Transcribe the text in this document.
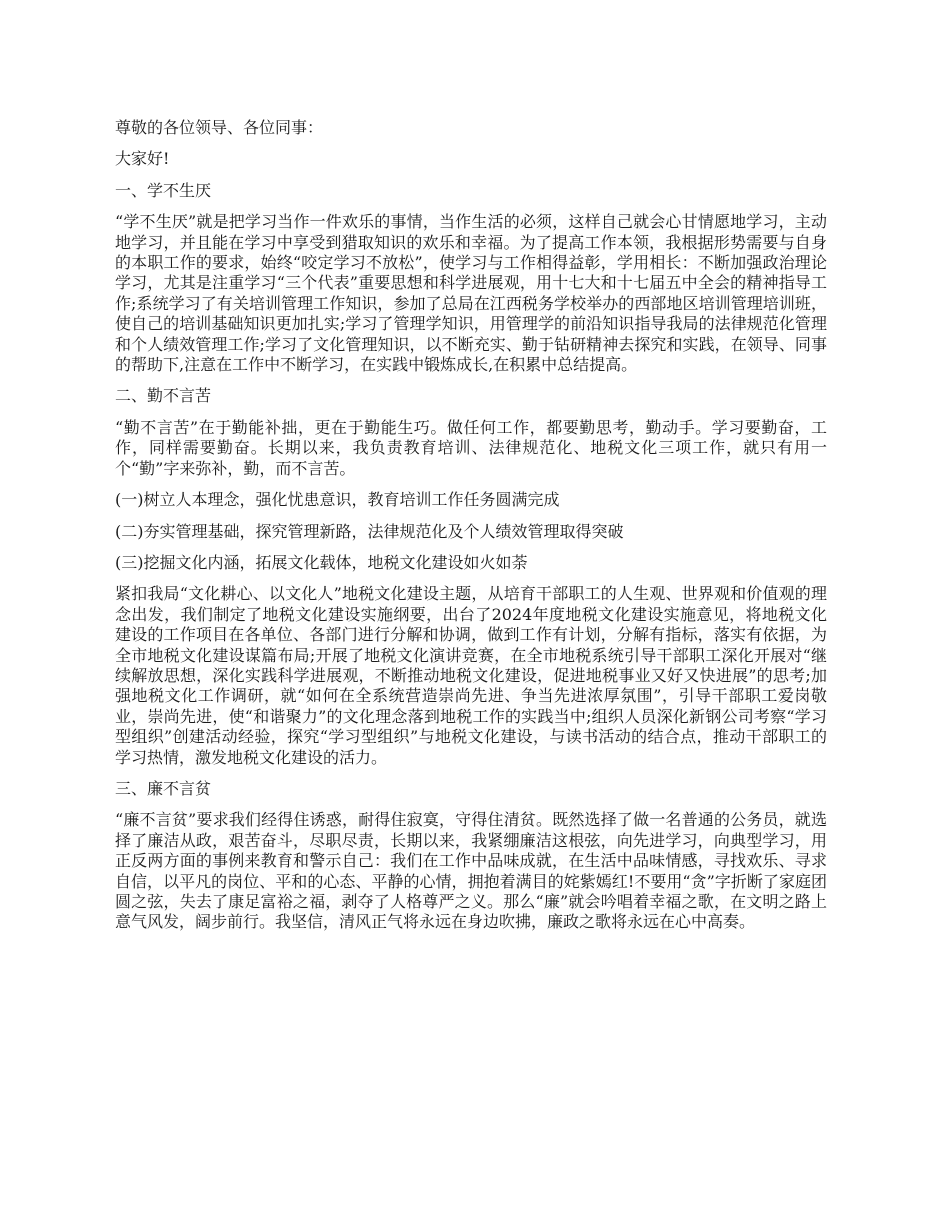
尊敬的各位领导、各位同事：

大家好!

一、学不生厌

“学不生厌”就是把学习当作一件欢乐的事情，当作生活的必须，这样自己就会心甘情愿地学习，主动地学习，并且能在学习中享受到猎取知识的欢乐和幸福。为了提高工作本领，我根据形势需要与自身的本职工作的要求，始终“咬定学习不放松”，使学习与工作相得益彰，学用相长：不断加强政治理论学习，尤其是注重学习“三个代表”重要思想和科学进展观，用十七大和十七届五中全会的精神指导工作;系统学习了有关培训管理工作知识，参加了总局在江西税务学校举办的西部地区培训管理培训班，使自己的培训基础知识更加扎实;学习了管理学知识，用管理学的前沿知识指导我局的法律规范化管理和个人绩效管理工作;学习了文化管理知识，以不断充实、勤于钻研精神去探究和实践，在领导、同事的帮助下,注意在工作中不断学习，在实践中锻炼成长,在积累中总结提高。

二、勤不言苦

“勤不言苦”在于勤能补拙，更在于勤能生巧。做任何工作，都要勤思考，勤动手。学习要勤奋，工作，同样需要勤奋。长期以来，我负责教育培训、法律规范化、地税文化三项工作，就只有用一个“勤”字来弥补，勤，而不言苦。

(一)树立人本理念，强化忧患意识，教育培训工作任务圆满完成

(二)夯实管理基础，探究管理新路，法律规范化及个人绩效管理取得突破

(三)挖掘文化内涵，拓展文化载体，地税文化建设如火如荼

紧扣我局“文化耕心、以文化人”地税文化建设主题，从培育干部职工的人生观、世界观和价值观的理念出发，我们制定了地税文化建设实施纲要，出台了2024年度地税文化建设实施意见，将地税文化建设的工作项目在各单位、各部门进行分解和协调，做到工作有计划，分解有指标，落实有依据，为全市地税文化建设谋篇布局;开展了地税文化演讲竞赛，在全市地税系统引导干部职工深化开展对“继续解放思想，深化实践科学进展观，不断推动地税文化建设，促进地税事业又好又快进展”的思考;加强地税文化工作调研，就“如何在全系统营造崇尚先进、争当先进浓厚氛围”，引导干部职工爱岗敬业，崇尚先进，使“和谐聚力”的文化理念落到地税工作的实践当中;组织人员深化新钢公司考察“学习型组织”创建活动经验，探究“学习型组织”与地税文化建设，与读书活动的结合点，推动干部职工的学习热情，激发地税文化建设的活力。

三、廉不言贫

“廉不言贫”要求我们经得住诱惑，耐得住寂寞，守得住清贫。既然选择了做一名普通的公务员，就选择了廉洁从政，艰苦奋斗，尽职尽责，长期以来，我紧绷廉洁这根弦，向先进学习，向典型学习，用正反两方面的事例来教育和警示自己：我们在工作中品味成就，在生活中品味情感，寻找欢乐、寻求自信，以平凡的岗位、平和的心态、平静的心情，拥抱着满目的姹紫嫣红!不要用“贪”字折断了家庭团圆之弦，失去了康足富裕之福，剥夺了人格尊严之义。那么“廉”就会吟唱着幸福之歌，在文明之路上意气风发，阔步前行。我坚信，清风正气将永远在身边吹拂，廉政之歌将永远在心中高奏。
